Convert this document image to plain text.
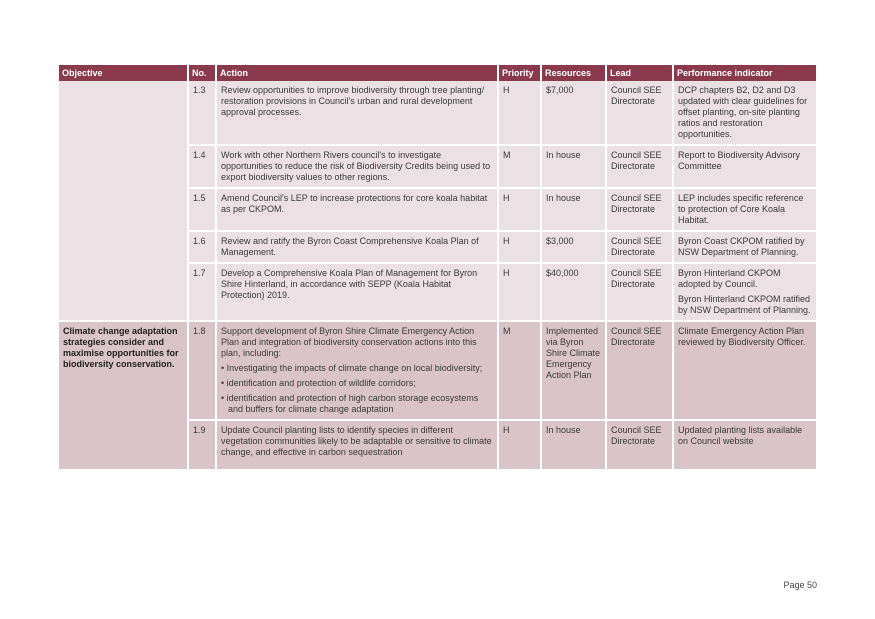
Objective	No.	Action	Priority	Resources	Lead	Performance indicator
	1.3	Review opportunities to improve biodiversity through tree planting/ restoration provisions in Council's urban and rural development approval processes.	H	$7,000	Council SEE Directorate	DCP chapters B2, D2 and D3 updated with clear guidelines for offset planting, on-site planting ratios and restoration opportunities.
	1.4	Work with other Northern Rivers council's to investigate opportunities to reduce the risk of Biodiversity Credits being used to export biodiversity values to other regions.	M	In house	Council SEE Directorate	Report to Biodiversity Advisory Committee
	1.5	Amend Council's LEP to increase protections for core koala habitat as per CKPOM.	H	In house	Council SEE Directorate	LEP includes specific reference to protection of Core Koala Habitat.
	1.6	Review and ratify the Byron Coast Comprehensive Koala Plan of Management.	H	$3,000	Council SEE Directorate	Byron Coast CKPOM ratified by NSW Department of Planning.
	1.7	Develop a Comprehensive Koala Plan of Management for Byron Shire Hinterland, in accordance with SEPP (Koala Habitat Protection) 2019.	H	$40,000	Council SEE Directorate	Byron Hinterland CKPOM adopted by Council.
Byron Hinterland CKPOM ratified by NSW Department of Planning.

Climate change adaptation strategies consider and maximise opportunities for biodiversity conservation.	1.8	Support development of Byron Shire Climate Emergency Action Plan and integration of biodiversity conservation actions into this plan, including:
• Investigating the impacts of climate change on local biodiversity;
• identification and protection of wildlife corridors;
• identification and protection of high carbon storage ecosystems and buffers for climate change adaptation	M	Implemented via Byron Shire Climate Emergency Action Plan	Council SEE Directorate	Climate Emergency Action Plan reviewed by Biodiversity Officer.
	1.9	Update Council planting lists to identify species in different vegetation communities likely to be adaptable or sensitive to climate change, and effective in carbon sequestration	H	In house	Council SEE Directorate	Updated planting lists available on Council website
Page 50
